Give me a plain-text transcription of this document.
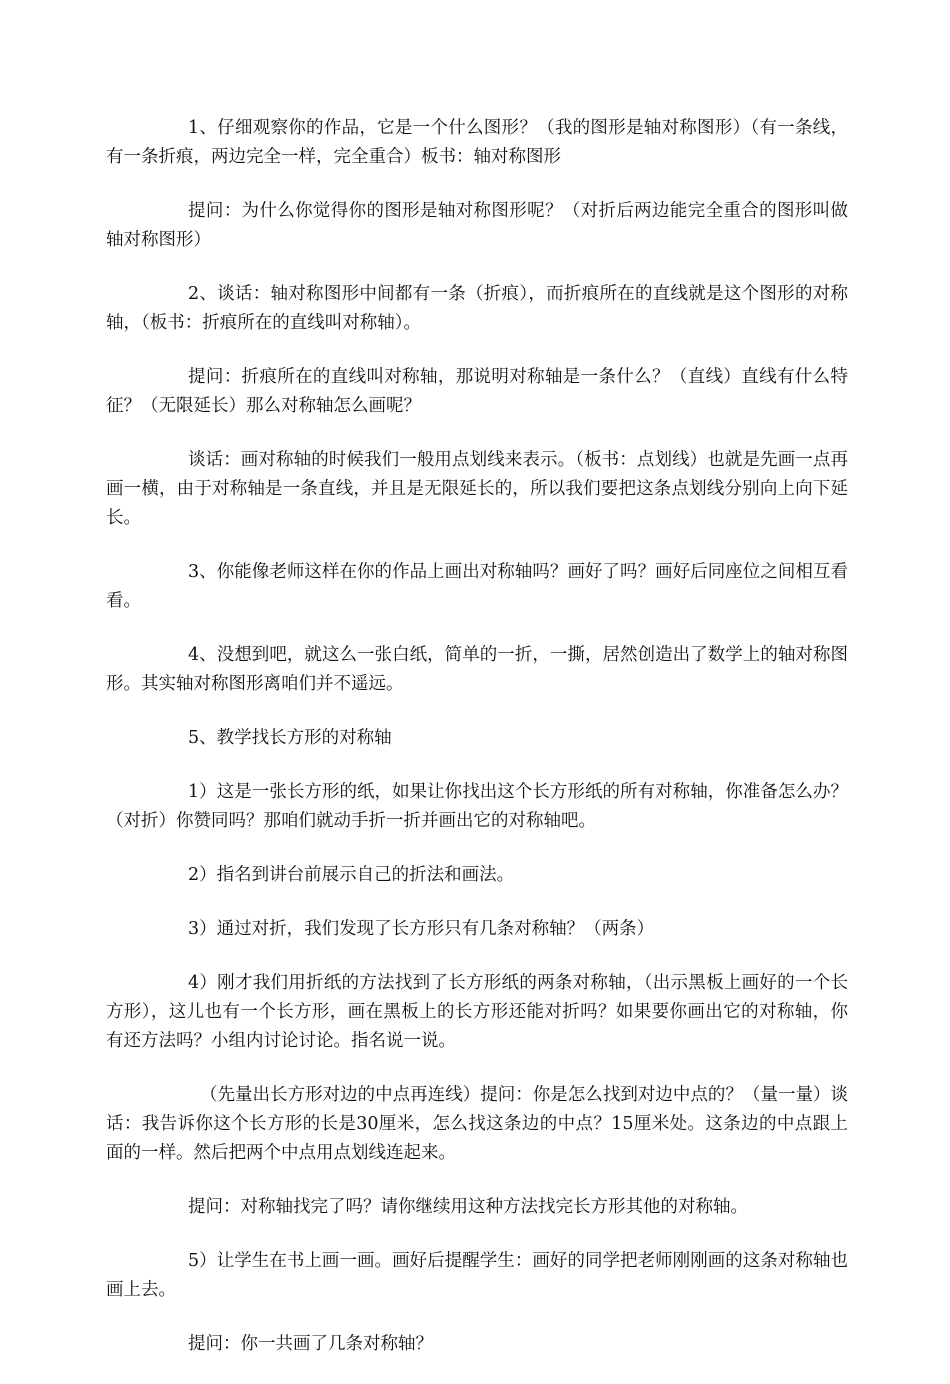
1、仔细观察你的作品，它是一个什么图形？（我的图形是轴对称图形）（有一条线，有一条折痕，两边完全一样，完全重合）板书：轴对称图形

提问：为什么你觉得你的图形是轴对称图形呢？（对折后两边能完全重合的图形叫做轴对称图形）

2、谈话：轴对称图形中间都有一条（折痕），而折痕所在的直线就是这个图形的对称轴，（板书：折痕所在的直线叫对称轴）。

提问：折痕所在的直线叫对称轴，那说明对称轴是一条什么？（直线）直线有什么特征？（无限延长）那么对称轴怎么画呢？

谈话：画对称轴的时候我们一般用点划线来表示。（板书：点划线）也就是先画一点再画一横，由于对称轴是一条直线，并且是无限延长的，所以我们要把这条点划线分别向上向下延长。

3、你能像老师这样在你的作品上画出对称轴吗？画好了吗？画好后同座位之间相互看看。

4、没想到吧，就这么一张白纸，简单的一折，一撕，居然创造出了数学上的轴对称图形。其实轴对称图形离咱们并不遥远。

5、教学找长方形的对称轴

1）这是一张长方形的纸，如果让你找出这个长方形纸的所有对称轴，你准备怎么办？（对折）你赞同吗？那咱们就动手折一折并画出它的对称轴吧。

2）指名到讲台前展示自己的折法和画法。

3）通过对折，我们发现了长方形只有几条对称轴？（两条）

4）刚才我们用折纸的方法找到了长方形纸的两条对称轴，（出示黑板上画好的一个长方形），这儿也有一个长方形，画在黑板上的长方形还能对折吗？如果要你画出它的对称轴，你有还方法吗？小组内讨论讨论。指名说一说。

（先量出长方形对边的中点再连线）提问：你是怎么找到对边中点的？（量一量）谈话：我告诉你这个长方形的长是30厘米，怎么找这条边的中点？15厘米处。这条边的中点跟上面的一样。然后把两个中点用点划线连起来。

提问：对称轴找完了吗？请你继续用这种方法找完长方形其他的对称轴。

5）让学生在书上画一画。画好后提醒学生：画好的同学把老师刚刚画的这条对称轴也画上去。

提问：你一共画了几条对称轴？
